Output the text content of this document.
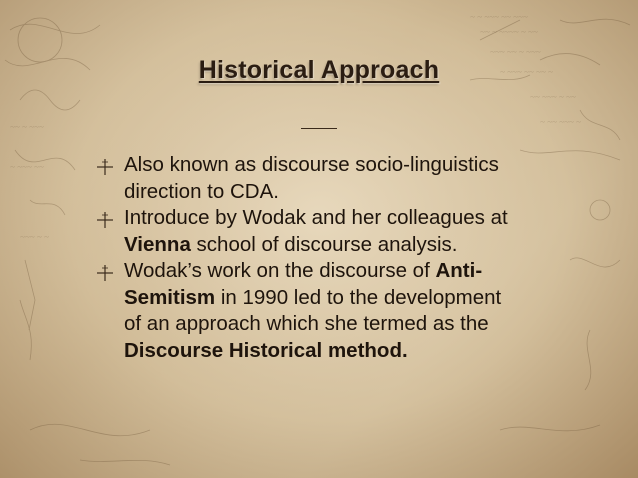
~ ~ ~~~ ~~ ~~~
~~ ~ ~~~~ ~ ~~
~~~ ~~ ~ ~~~
~ ~~~ ~~ ~~ ~
~~ ~~~ ~ ~~
~ ~~ ~~~ ~
~~ ~ ~~~
~ ~~~ ~~
~~~ ~ ~
Historical Approach
Also known as discourse socio-linguistics direction to CDA.
Introduce by Wodak and her colleagues at Vienna school of discourse analysis.
Wodak’s work on the discourse of Anti-Semitism in 1990 led to the development of an approach which she termed as the Discourse Historical method.
